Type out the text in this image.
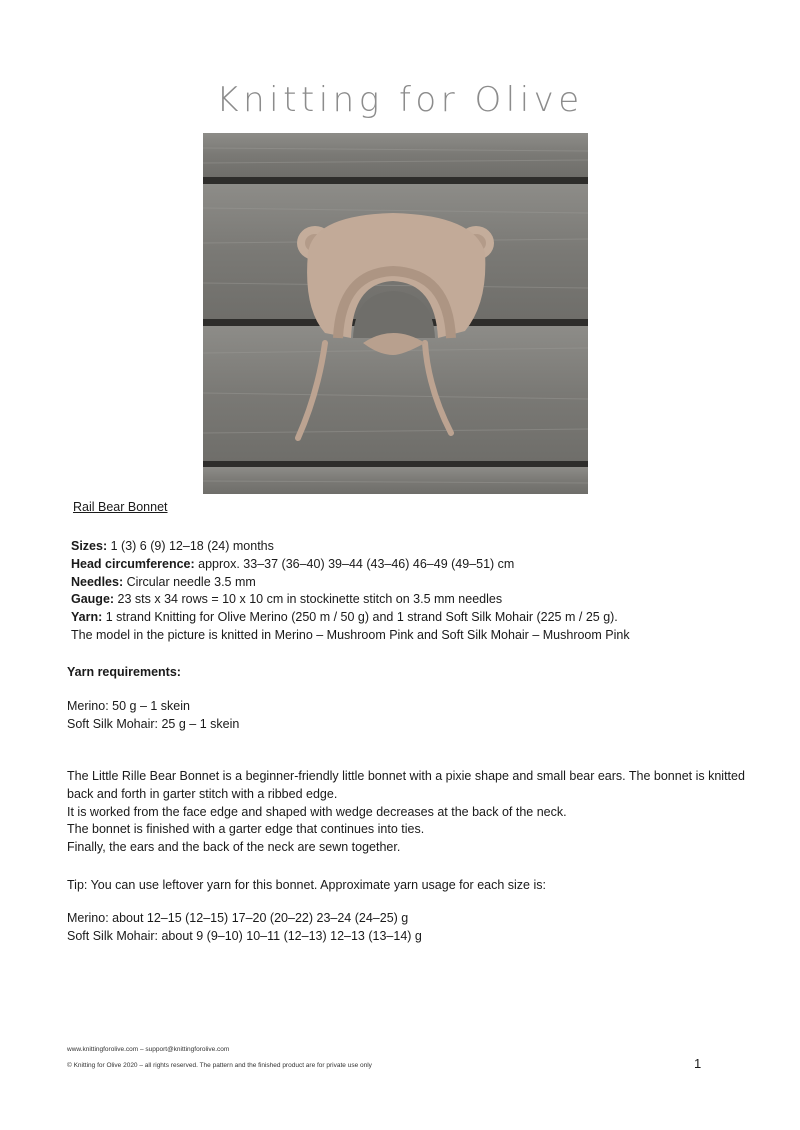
Knitting for Olive
Rail Bear Bonnet
Sizes: 1 (3) 6 (9) 12–18 (24) months
Head circumference: approx. 33–37 (36–40) 39–44 (43–46) 46–49 (49–51) cm
Needles: Circular needle 3.5 mm
Gauge: 23 sts x 34 rows = 10 x 10 cm in stockinette stitch on 3.5 mm needles
Yarn: 1 strand Knitting for Olive Merino (250 m / 50 g) and 1 strand Soft Silk Mohair (225 m / 25 g).
The model in the picture is knitted in Merino – Mushroom Pink and Soft Silk Mohair – Mushroom Pink
Yarn requirements:
Merino: 50 g – 1 skein
Soft Silk Mohair: 25 g – 1 skein
The Little Rille Bear Bonnet is a beginner-friendly little bonnet with a pixie shape and small bear ears. The bonnet is knitted back and forth in garter stitch with a ribbed edge.
It is worked from the face edge and shaped with wedge decreases at the back of the neck.
The bonnet is finished with a garter edge that continues into ties.
Finally, the ears and the back of the neck are sewn together.
Tip: You can use leftover yarn for this bonnet. Approximate yarn usage for each size is:
Merino: about 12–15 (12–15) 17–20 (20–22) 23–24 (24–25) g
Soft Silk Mohair: about 9 (9–10) 10–11 (12–13) 12–13 (13–14) g
www.knittingforolive.com – support@knittingforolive.com
© Knitting for Olive 2020 – all rights reserved. The pattern and the finished product are for private use only	1
